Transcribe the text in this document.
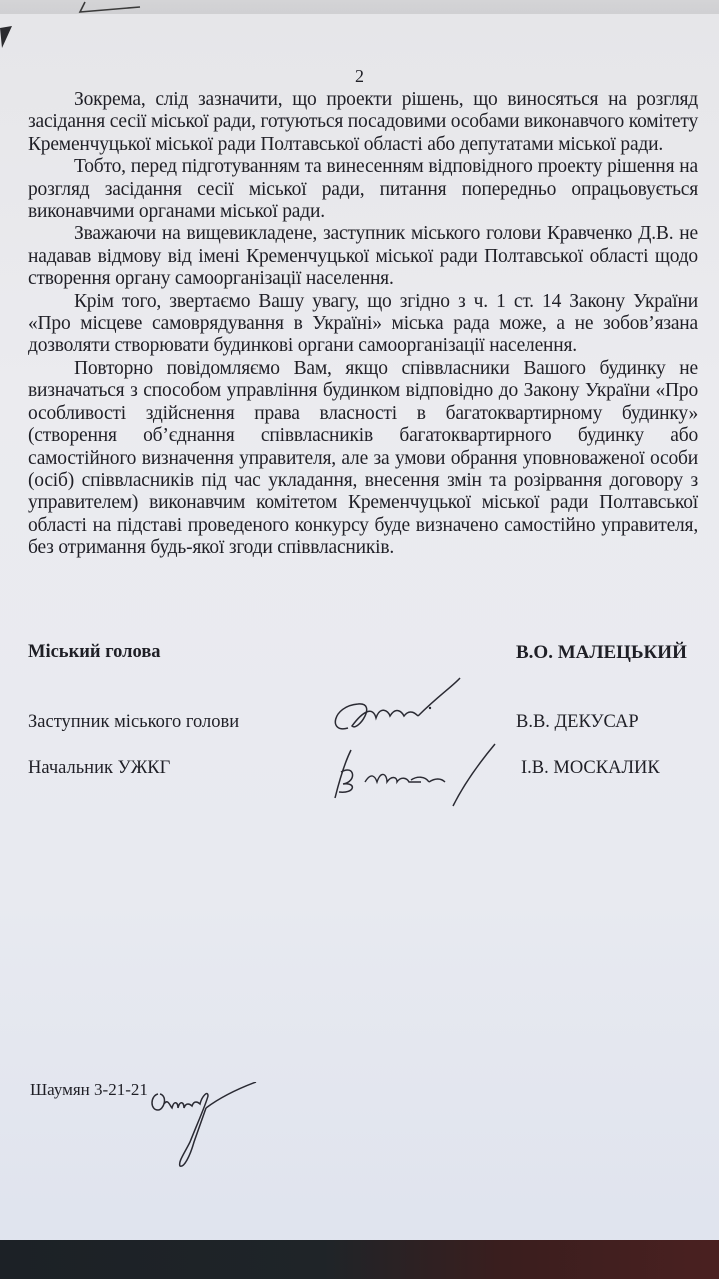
2

Зокрема, слід зазначити, що проекти рішень, що виносяться на розгляд засідання сесії міської ради, готуються посадовими особами виконавчого комітету Кременчуцької міської ради Полтавської області або депутатами міської ради.

Тобто, перед підготуванням та винесенням відповідного проекту рішення на розгляд засідання сесії міської ради, питання попередньо опрацьовується виконавчими органами міської ради.

Зважаючи на вищевикладене, заступник міського голови Кравченко Д.В. не надавав відмову від імені Кременчуцької міської ради Полтавської області щодо створення органу самоорганізації населення.

Крім того, звертаємо Вашу увагу, що згідно з ч. 1 ст. 14 Закону України «Про місцеве самоврядування в Україні» міська рада може, а не зобов’язана дозволяти створювати будинкові органи самоорганізації населення.

Повторно повідомляємо Вам, якщо співвласники Вашого будинку не визначаться з способом управління будинком відповідно до Закону України «Про особливості здійснення права власності в багатоквартирному будинку» (створення об’єднання співвласників багатоквартирного будинку або самостійного визначення управителя, але за умови обрання уповноваженої особи (осіб) співвласників під час укладання, внесення змін та розірвання договору з управителем) виконавчим комітетом Кременчуцької міської ради Полтавської області на підставі проведеного конкурсу буде визначено самостійно управителя, без отримання будь-якої згоди співвласників.

Міський голова	В.О. МАЛЕЦЬКИЙ
Заступник міського голови	В.В. ДЕКУСАР
Начальник УЖКГ	І.В. МОСКАЛИК
Шаумян 3-21-21
